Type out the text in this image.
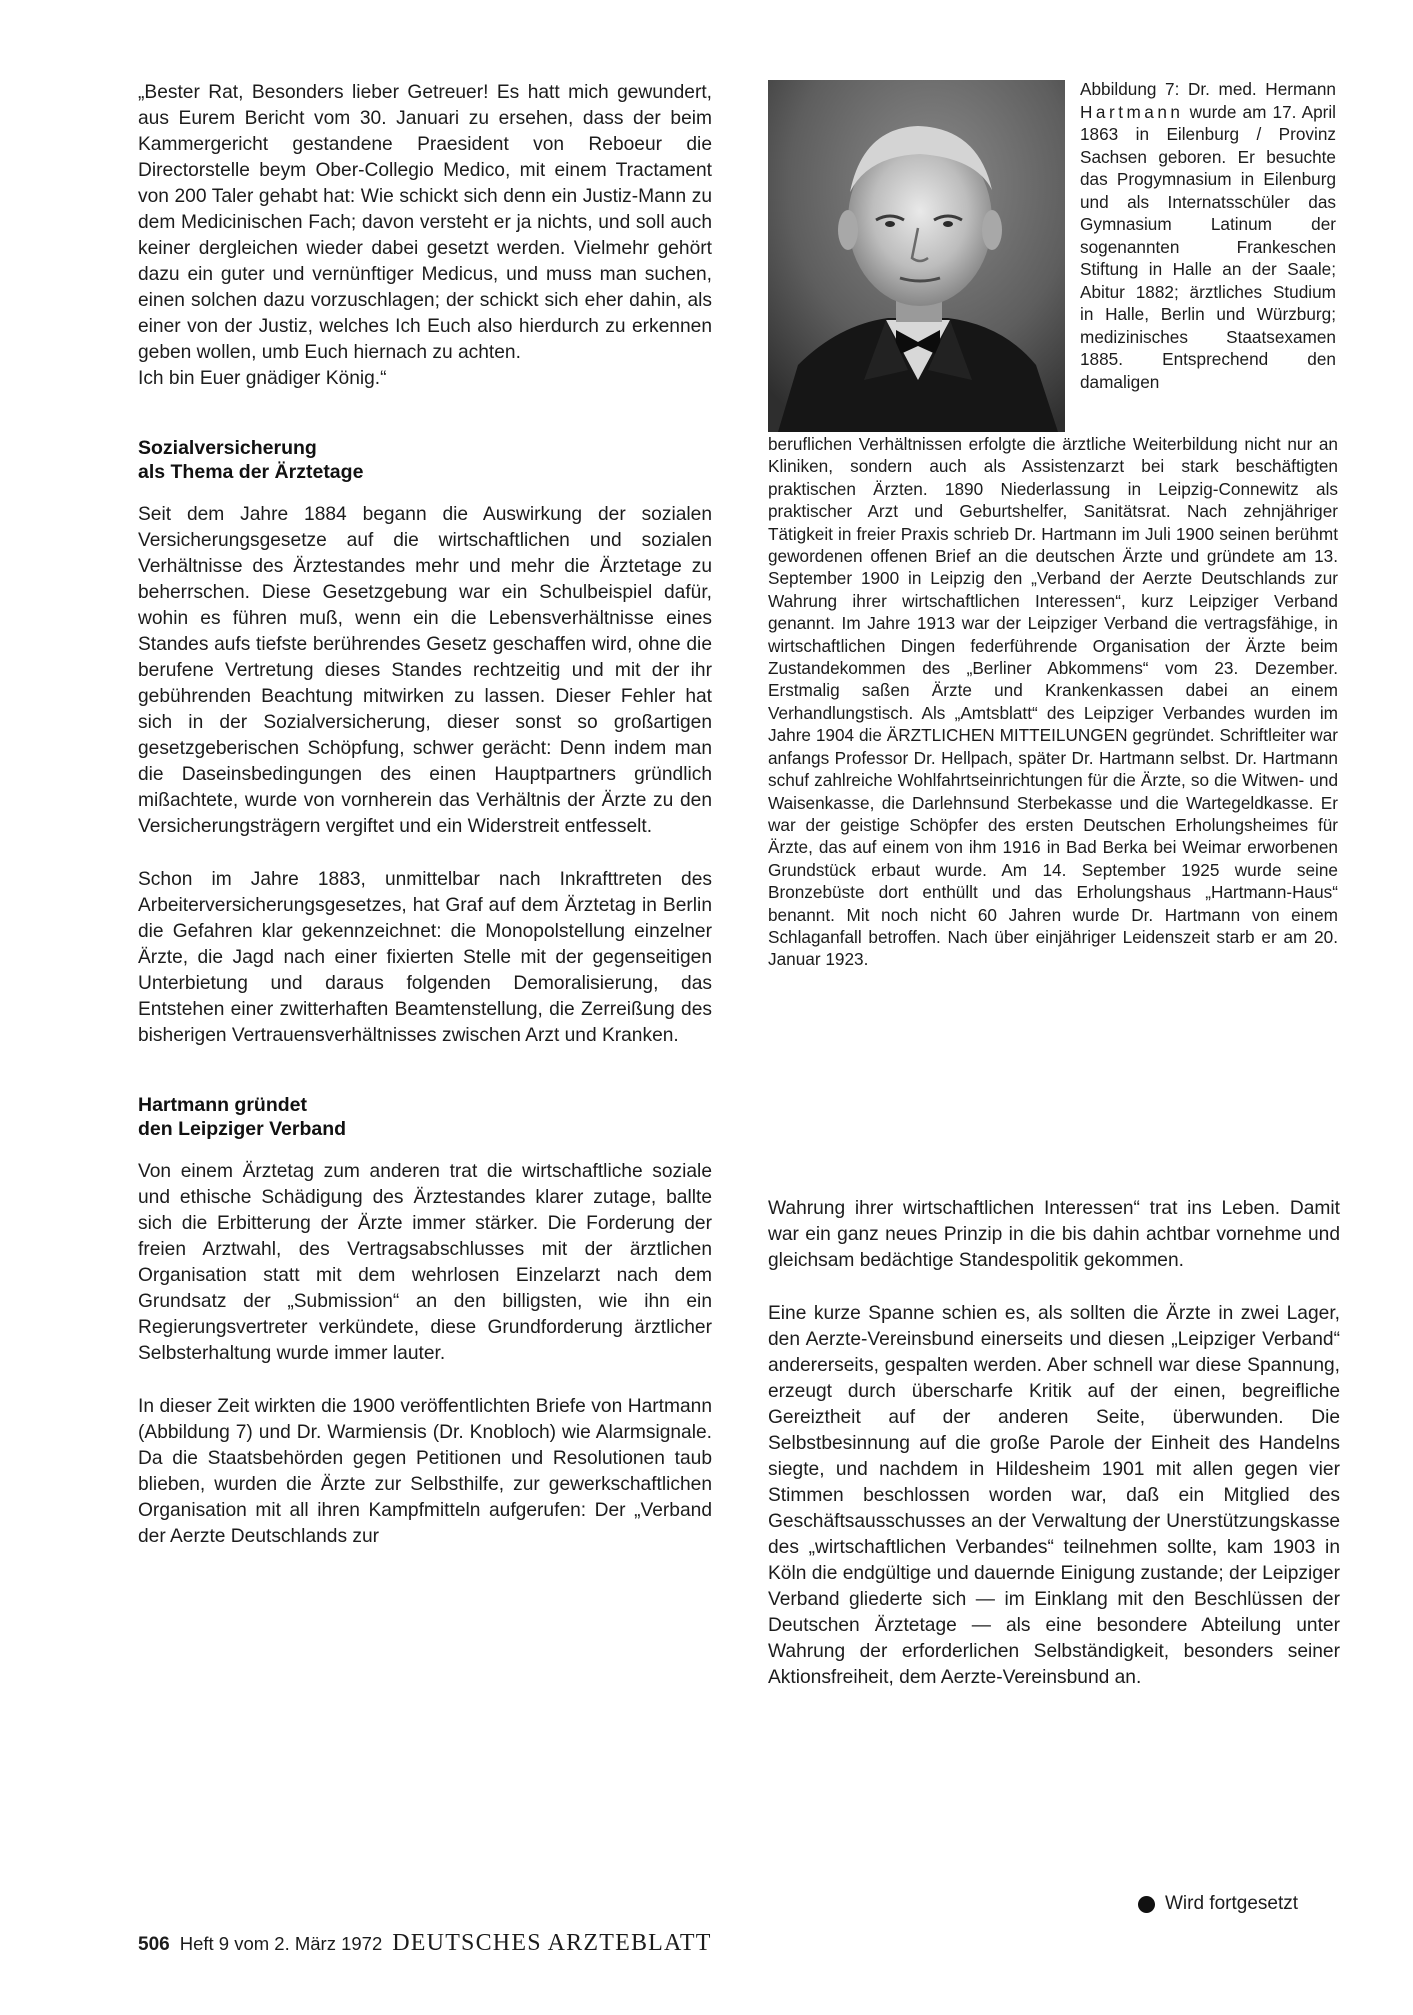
„Bester Rat, Besonders lieber Getreuer! Es hatt mich gewundert, aus Eurem Bericht vom 30. Januari zu ersehen, dass der beim Kammergericht gestandene Praesident von Reboeur die Directorstelle beym Ober-Collegio Medico, mit einem Tractament von 200 Taler gehabt hat: Wie schickt sich denn ein Justiz-Mann zu dem Medicinischen Fach; davon versteht er ja nichts, und soll auch keiner dergleichen wieder dabei gesetzt werden. Vielmehr gehört dazu ein guter und vernünftiger Medicus, und muss man suchen, einen solchen dazu vorzuschlagen; der schickt sich eher dahin, als einer von der Justiz, welches Ich Euch also hierdurch zu erkennen geben wollen, umb Euch hiernach zu achten.

Ich bin Euer gnädiger König.“

Sozialversicherung
als Thema der Ärztetage

Seit dem Jahre 1884 begann die Auswirkung der sozialen Versicherungsgesetze auf die wirtschaftlichen und sozialen Verhältnisse des Ärztestandes mehr und mehr die Ärztetage zu beherrschen. Diese Gesetzgebung war ein Schulbeispiel dafür, wohin es führen muß, wenn ein die Lebensverhältnisse eines Standes aufs tiefste berührendes Gesetz geschaffen wird, ohne die berufene Vertretung dieses Standes rechtzeitig und mit der ihr gebührenden Beachtung mitwirken zu lassen. Dieser Fehler hat sich in der Sozialversicherung, dieser sonst so großartigen gesetzgeberischen Schöpfung, schwer gerächt: Denn indem man die Daseinsbedingungen des einen Hauptpartners gründlich mißachtete, wurde von vornherein das Verhältnis der Ärzte zu den Versicherungsträgern vergiftet und ein Widerstreit entfesselt.

Schon im Jahre 1883, unmittelbar nach Inkrafttreten des Arbeiterversicherungsgesetzes, hat Graf auf dem Ärztetag in Berlin die Gefahren klar gekennzeichnet: die Monopolstellung einzelner Ärzte, die Jagd nach einer fixierten Stelle mit der gegenseitigen Unterbietung und daraus folgenden Demoralisierung, das Entstehen einer zwitterhaften Beamtenstellung, die Zerreißung des bisherigen Vertrauensverhältnisses zwischen Arzt und Kranken.

Hartmann gründet
den Leipziger Verband

Von einem Ärztetag zum anderen trat die wirtschaftliche soziale und ethische Schädigung des Ärztestandes klarer zutage, ballte sich die Erbitterung der Ärzte immer stärker. Die Forderung der freien Arztwahl, des Vertragsabschlusses mit der ärztlichen Organisation statt mit dem wehrlosen Einzelarzt nach dem Grundsatz der „Submission“ an den billigsten, wie ihn ein Regierungsvertreter verkündete, diese Grundforderung ärztlicher Selbsterhaltung wurde immer lauter.

In dieser Zeit wirkten die 1900 veröffentlichten Briefe von Hartmann (Abbildung 7) und Dr. Warmiensis (Dr. Knobloch) wie Alarmsignale. Da die Staatsbehörden gegen Petitionen und Resolutionen taub blieben, wurden die Ärzte zur Selbsthilfe, zur gewerkschaftlichen Organisation mit all ihren Kampfmitteln aufgerufen: Der „Verband der Aerzte Deutschlands zur

Abbildung 7: Dr. med. Hermann Hartmann wurde am 17. April 1863 in Eilenburg / Provinz Sachsen geboren. Er besuchte das Progymnasium in Eilenburg und als Internatsschüler das Gymnasium Latinum der sogenannten Frankeschen Stiftung in Halle an der Saale; Abitur 1882; ärztliches Studium in Halle, Berlin und Würzburg; medizinisches Staatsexamen 1885. Entsprechend den damaligen

beruflichen Verhältnissen erfolgte die ärztliche Weiterbildung nicht nur an Kliniken, sondern auch als Assistenzarzt bei stark beschäftigten praktischen Ärzten. 1890 Niederlassung in Leipzig-Connewitz als praktischer Arzt und Geburtshelfer, Sanitätsrat. Nach zehnjähriger Tätigkeit in freier Praxis schrieb Dr. Hartmann im Juli 1900 seinen berühmt gewordenen offenen Brief an die deutschen Ärzte und gründete am 13. September 1900 in Leipzig den „Verband der Aerzte Deutschlands zur Wahrung ihrer wirtschaftlichen Interessen“, kurz Leipziger Verband genannt. Im Jahre 1913 war der Leipziger Verband die vertragsfähige, in wirtschaftlichen Dingen federführende Organisation der Ärzte beim Zustandekommen des „Berliner Abkommens“ vom 23. Dezember. Erstmalig saßen Ärzte und Krankenkassen dabei an einem Verhandlungstisch. Als „Amtsblatt“ des Leipziger Verbandes wurden im Jahre 1904 die ÄRZTLICHEN MITTEILUNGEN gegründet. Schriftleiter war anfangs Professor Dr. Hellpach, später Dr. Hartmann selbst. Dr. Hartmann schuf zahlreiche Wohlfahrtseinrichtungen für die Ärzte, so die Witwen- und Waisenkasse, die Darlehnsund Sterbekasse und die Wartegeldkasse. Er war der geistige Schöpfer des ersten Deutschen Erholungsheimes für Ärzte, das auf einem von ihm 1916 in Bad Berka bei Weimar erworbenen Grundstück erbaut wurde. Am 14. September 1925 wurde seine Bronzebüste dort enthüllt und das Erholungshaus „Hartmann-Haus“ benannt. Mit noch nicht 60 Jahren wurde Dr. Hartmann von einem Schlaganfall betroffen. Nach über einjähriger Leidenszeit starb er am 20. Januar 1923.

Wahrung ihrer wirtschaftlichen Interessen“ trat ins Leben. Damit war ein ganz neues Prinzip in die bis dahin achtbar vornehme und gleichsam bedächtige Standespolitik gekommen.

Eine kurze Spanne schien es, als sollten die Ärzte in zwei Lager, den Aerzte-Vereinsbund einerseits und diesen „Leipziger Verband“ andererseits, gespalten werden. Aber schnell war diese Spannung, erzeugt durch überscharfe Kritik auf der einen, begreifliche Gereiztheit auf der anderen Seite, überwunden. Die Selbstbesinnung auf die große Parole der Einheit des Handelns siegte, und nachdem in Hildesheim 1901 mit allen gegen vier Stimmen beschlossen worden war, daß ein Mitglied des Geschäftsausschusses an der Verwaltung der Unerstützungskasse des „wirtschaftlichen Verbandes“ teilnehmen sollte, kam 1903 in Köln die endgültige und dauernde Einigung zustande; der Leipziger Verband gliederte sich — im Einklang mit den Beschlüssen der Deutschen Ärztetage — als eine besondere Abteilung unter Wahrung der erforderlichen Selbständigkeit, besonders seiner Aktionsfreiheit, dem Aerzte-Vereinsbund an.

Wird fortgesetzt
506 Heft 9 vom 2. März 1972 DEUTSCHES ARZTEBLATT
